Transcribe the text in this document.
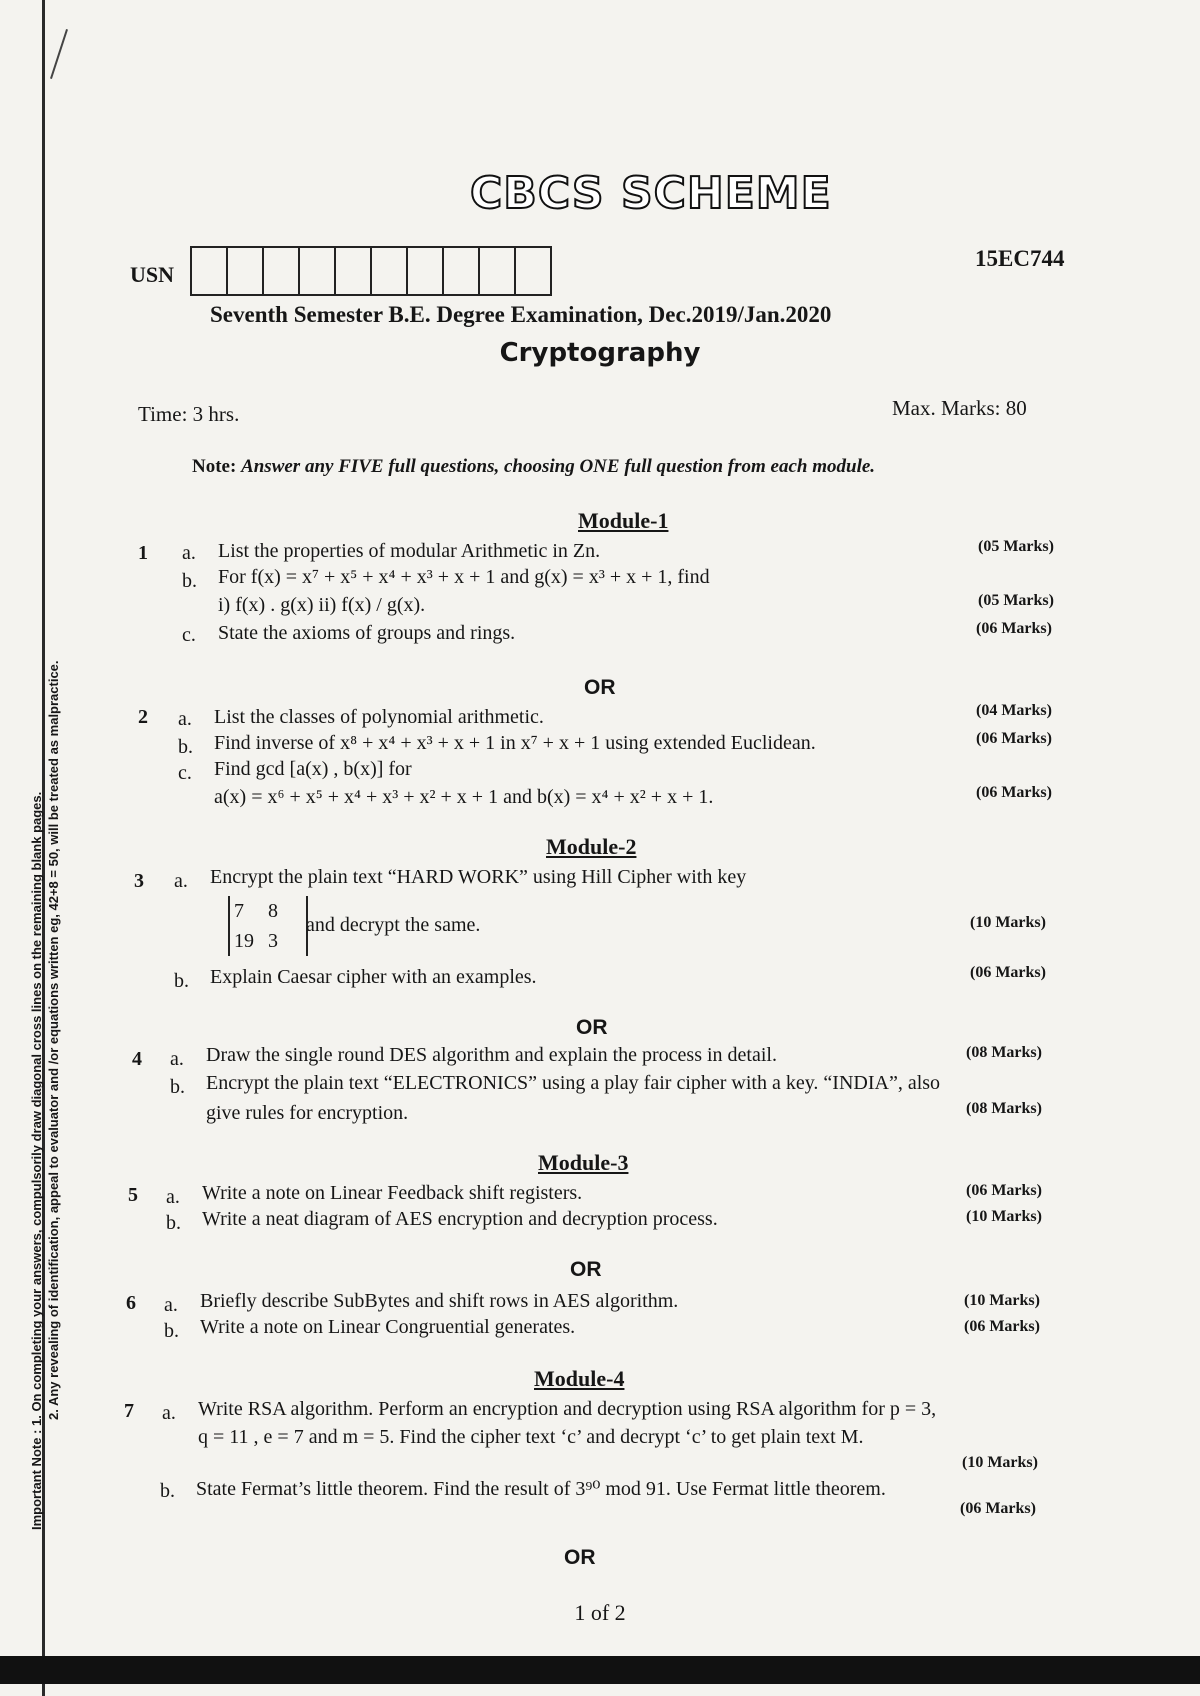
CBCS SCHEME
USN
15EC744
Seventh Semester B.E. Degree Examination, Dec.2019/Jan.2020
Cryptography
Time: 3 hrs.	Max. Marks: 80
Note: Answer any FIVE full questions, choosing ONE full question from each module.
Important Note : 1. On completing your answers, compulsorily draw diagonal cross lines on the remaining blank pages. 2. Any revealing of identification, appeal to evaluator and /or equations written eg, 42+8 = 50, will be treated as malpractice.
Module-1
1 a. List the properties of modular Arithmetic in Zn.	(05 Marks)
b. For f(x) = x⁷ + x⁵ + x⁴ + x³ + x + 1 and g(x) = x³ + x + 1, find
i) f(x) . g(x) ii) f(x) / g(x).	(05 Marks)
c. State the axioms of groups and rings.	(06 Marks)
OR
2 a. List the classes of polynomial arithmetic.	(04 Marks)
b. Find inverse of x⁸ + x⁴ + x³ + x + 1 in x⁷ + x + 1 using extended Euclidean.	(06 Marks)
c. Find gcd [a(x) , b(x)] for
a(x) = x⁶ + x⁵ + x⁴ + x³ + x² + x + 1 and b(x) = x⁴ + x² + x + 1.	(06 Marks)
Module-2
3 a. Encrypt the plain text “HARD WORK” using Hill Cipher with key
7 8
19 3
and decrypt the same.	(10 Marks)
b. Explain Caesar cipher with an examples.	(06 Marks)
OR
4 a. Draw the single round DES algorithm and explain the process in detail.	(08 Marks)
b. Encrypt the plain text “ELECTRONICS” using a play fair cipher with a key. “INDIA”, also
give rules for encryption.	(08 Marks)
Module-3
5 a. Write a note on Linear Feedback shift registers.	(06 Marks)
b. Write a neat diagram of AES encryption and decryption process.	(10 Marks)
OR
6 a. Briefly describe SubBytes and shift rows in AES algorithm.	(10 Marks)
b. Write a note on Linear Congruential generates.	(06 Marks)
Module-4
7 a. Write RSA algorithm. Perform an encryption and decryption using RSA algorithm for p = 3,
q = 11 , e = 7 and m = 5. Find the cipher text ‘c’ and decrypt ‘c’ to get plain text M.
(10 Marks)
b. State Fermat’s little theorem. Find the result of 3⁹⁰ mod 91. Use Fermat little theorem.
(06 Marks)
OR
1 of 2
